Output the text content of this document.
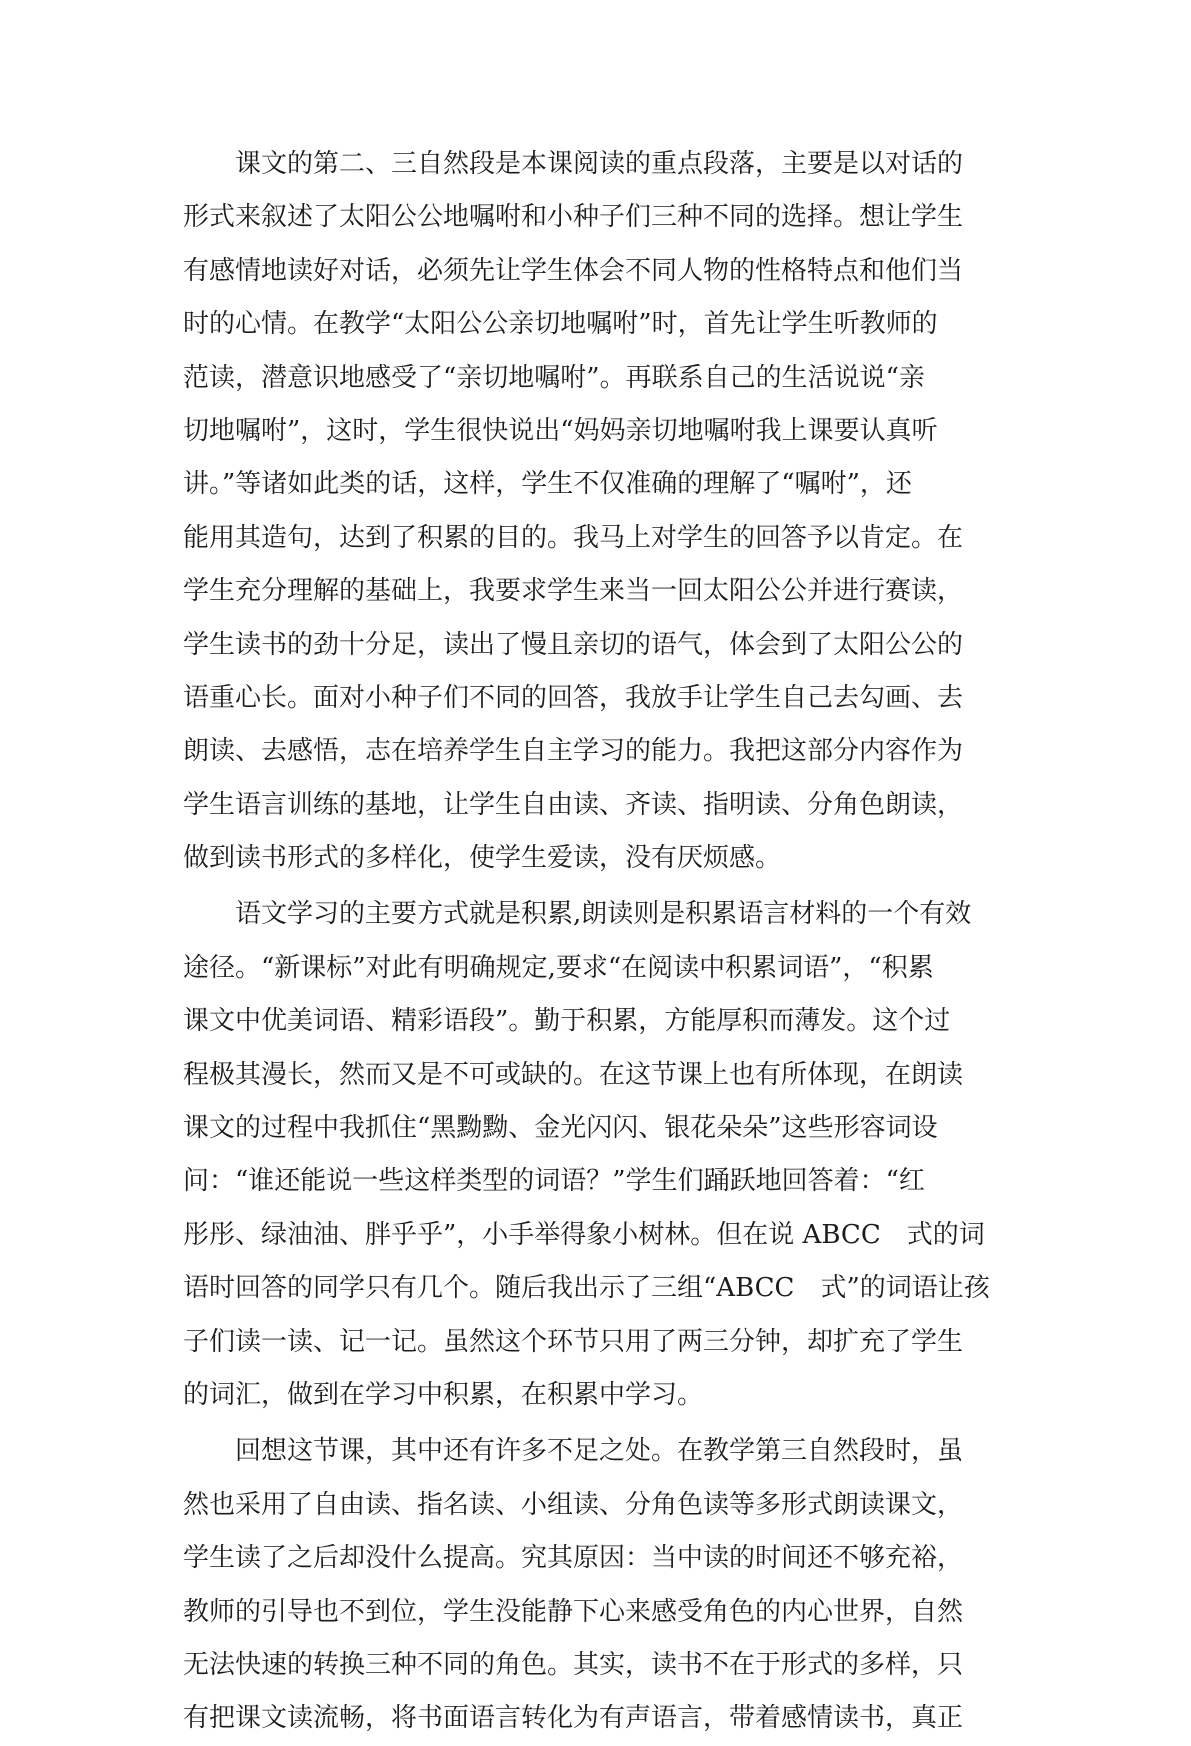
　　课文的第二、三自然段是本课阅读的重点段落，主要是以对话的
形式来叙述了太阳公公地嘱咐和小种子们三种不同的选择。想让学生
有感情地读好对话，必须先让学生体会不同人物的性格特点和他们当
时的心情。在教学“太阳公公亲切地嘱咐”时，首先让学生听教师的
范读，潜意识地感受了“亲切地嘱咐”。再联系自己的生活说说“亲
切地嘱咐”，这时，学生很快说出“妈妈亲切地嘱咐我上课要认真听
讲。”等诸如此类的话，这样，学生不仅准确的理解了“嘱咐”，还
能用其造句，达到了积累的目的。我马上对学生的回答予以肯定。在
学生充分理解的基础上，我要求学生来当一回太阳公公并进行赛读，
学生读书的劲十分足，读出了慢且亲切的语气，体会到了太阳公公的
语重心长。面对小种子们不同的回答，我放手让学生自己去勾画、去
朗读、去感悟，志在培养学生自主学习的能力。我把这部分内容作为
学生语言训练的基地，让学生自由读、齐读、指明读、分角色朗读，
做到读书形式的多样化，使学生爱读，没有厌烦感。
　　语文学习的主要方式就是积累,朗读则是积累语言材料的一个有效
途径。“新课标”对此有明确规定,要求“在阅读中积累词语”，“积累
课文中优美词语、精彩语段”。勤于积累，方能厚积而薄发。这个过
程极其漫长，然而又是不可或缺的。在这节课上也有所体现，在朗读
课文的过程中我抓住“黑黝黝、金光闪闪、银花朵朵”这些形容词设
问：“谁还能说一些这样类型的词语？”学生们踊跃地回答着：“红
彤彤、绿油油、胖乎乎”，小手举得象小树林。但在说 ABCC　式的词
语时回答的同学只有几个。随后我出示了三组“ABCC　式”的词语让孩
子们读一读、记一记。虽然这个环节只用了两三分钟，却扩充了学生
的词汇，做到在学习中积累，在积累中学习。
　　回想这节课，其中还有许多不足之处。在教学第三自然段时，虽
然也采用了自由读、指名读、小组读、分角色读等多形式朗读课文，
学生读了之后却没什么提高。究其原因：当中读的时间还不够充裕，
教师的引导也不到位，学生没能静下心来感受角色的内心世界，自然
无法快速的转换三种不同的角色。其实，读书不在于形式的多样，只
有把课文读流畅，将书面语言转化为有声语言，带着感情读书，真正
